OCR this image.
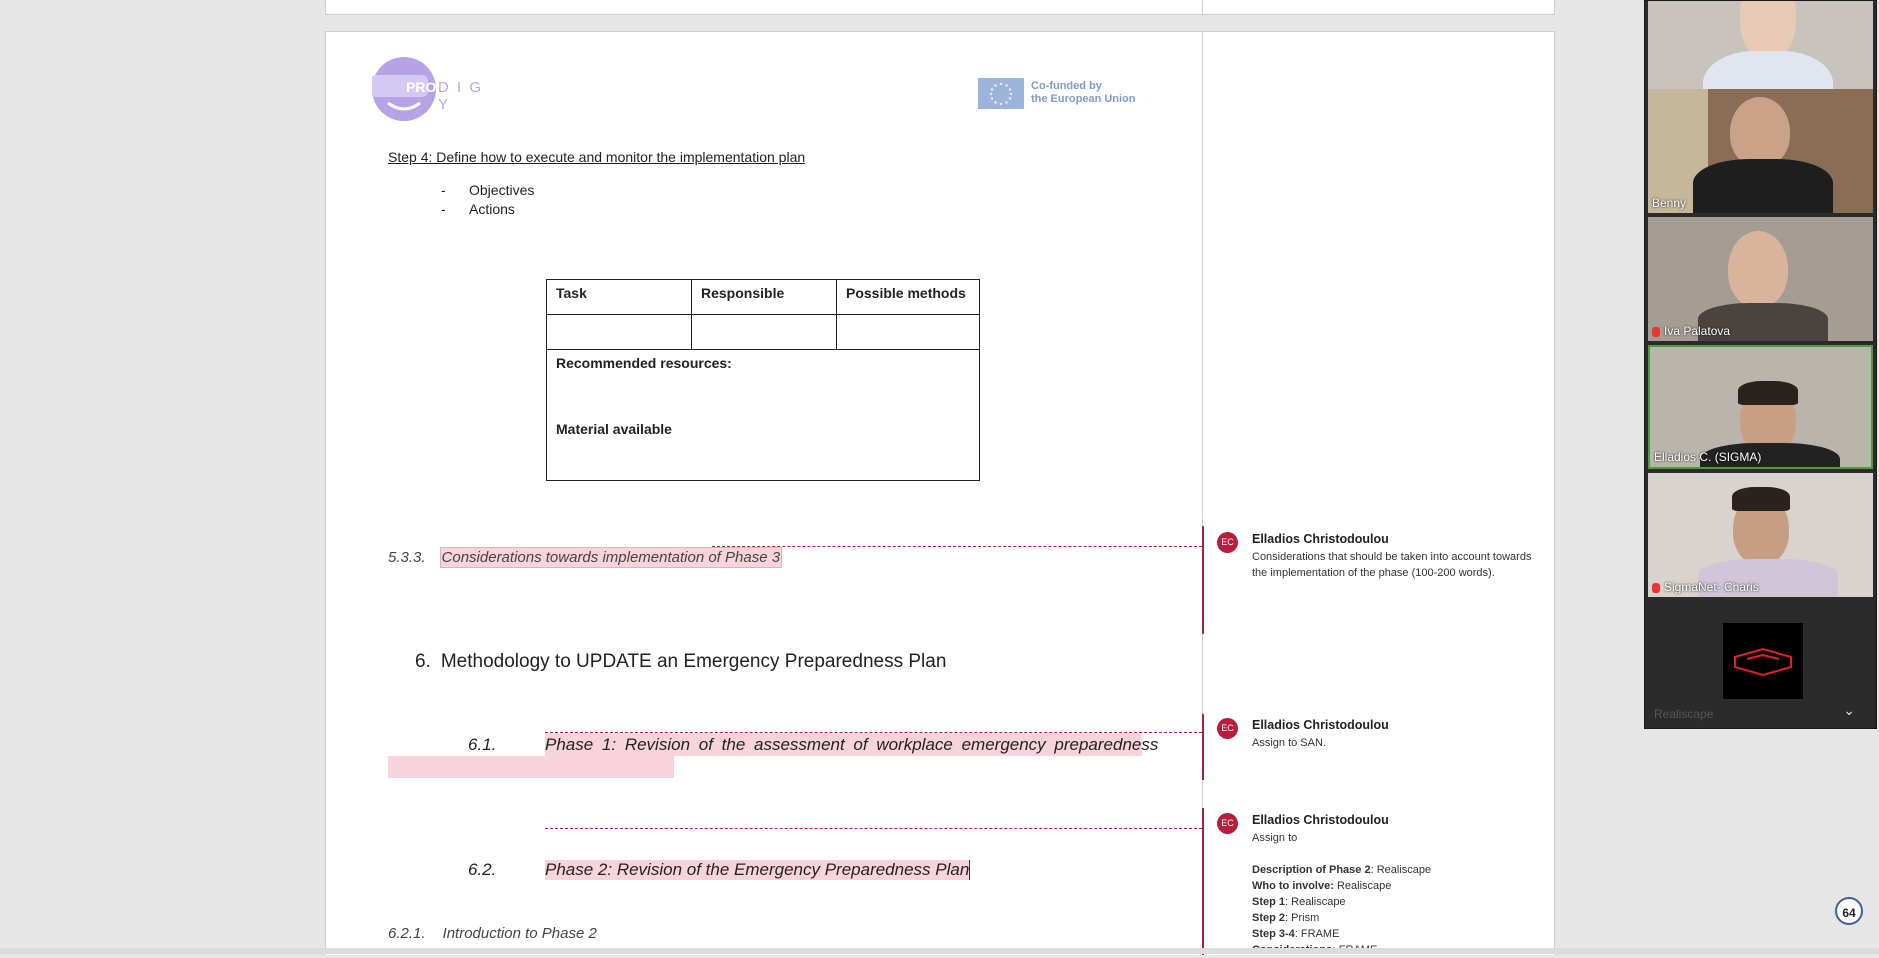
PRO D I G Y
Co-funded by
the European Union
Step 4: Define how to execute and monitor the implementation plan
- Objectives
- Actions
Task	Responsible	Possible methods

Recommended resources:
Material available		
5.3.3. Considerations towards implementation of Phase 3
6. Methodology to UPDATE an Emergency Preparedness Plan
6.1.	Phase 1: Revision of the assessment of workplace emergency preparedness
6.2.	Phase 2: Revision of the Emergency Preparedness Plan
6.2.1. Introduction to Phase 2
EC	Elladios Christodoulou
Considerations that should be taken into account towards the implementation of the phase (100-200 words).
EC	Elladios Christodoulou
Assign to SAN.
EC	Elladios Christodoulou
Assign to
Description of Phase 2: Realiscape
Who to involve: Realiscape
Step 1: Realiscape
Step 2: Prism
Step 3-4: FRAME
Benny
Iva Palatova
Elladios C. (SIGMA)
SigmaNet- Charis
Realiscape	⌄
64
